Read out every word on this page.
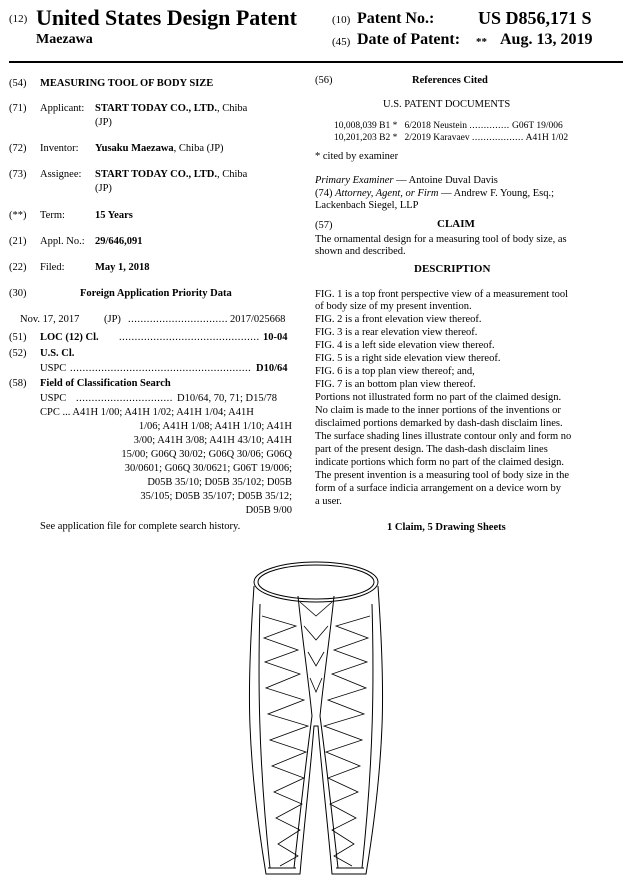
(12) United States Design Patent
Maezawa
(10) Patent No.: US D856,171 S
(45) Date of Patent: ** Aug. 13, 2019
(54) MEASURING TOOL OF BODY SIZE
(71) Applicant: START TODAY CO., LTD., Chiba
(JP)
(72) Inventor: Yusaku Maezawa, Chiba (JP)
(73) Assignee: START TODAY CO., LTD., Chiba
(JP)
(**) Term:	15 Years
(21) Appl. No.: 29/646,091
(22) Filed:	May 1, 2018
(30)	Foreign Application Priority Data
Nov. 17, 2017 (JP) ................................ 2017/025668
(51) LOC (12) Cl. ............................................. 10-04
(52) U.S. Cl.
USPC .......................................................... D10/64
(58) Field of Classification Search
USPC ............................... D10/64, 70, 71; D15/78
CPC ... A41H 1/00; A41H 1/02; A41H 1/04; A41H
1/06; A41H 1/08; A41H 1/10; A41H
3/00; A41H 3/08; A41H 43/10; A41H
15/00; G06Q 30/02; G06Q 30/06; G06Q
30/0601; G06Q 30/0621; G06T 19/006;
D05B 35/10; D05B 35/102; D05B
35/105; D05B 35/107; D05B 35/12;
D05B 9/00
See application file for complete search history.
(56)	References Cited
U.S. PATENT DOCUMENTS
10,008,039 B1 * 6/2018 Neustein .............. G06T 19/006
10,201,203 B2 * 2/2019 Karavaev .................. A41H 1/02
* cited by examiner
Primary Examiner — Antoine Duval Davis
(74) Attorney, Agent, or Firm — Andrew F. Young, Esq.;
Lackenbach Siegel, LLP
(57)	CLAIM
The ornamental design for a measuring tool of body size, as
shown and described.
DESCRIPTION
FIG. 1 is a top front perspective view of a measurement tool
of body size of my present invention.
FIG. 2 is a front elevation view thereof.
FIG. 3 is a rear elevation view thereof.
FIG. 4 is a left side elevation view thereof.
FIG. 5 is a right side elevation view thereof.
FIG. 6 is a top plan view thereof; and,
FIG. 7 is an bottom plan view thereof.
Portions not illustrated form no part of the claimed design.
No claim is made to the inner portions of the inventions or
disclaimed portions demarked by dash-dash disclaim lines.
The surface shading lines illustrate contour only and form no
part of the present design. The dash-dash disclaim lines
indicate portions which form no part of the claimed design.
The present invention is a measuring tool of body size in the
form of a surface indicia arrangement on a device worn by
a user.
1 Claim, 5 Drawing Sheets
